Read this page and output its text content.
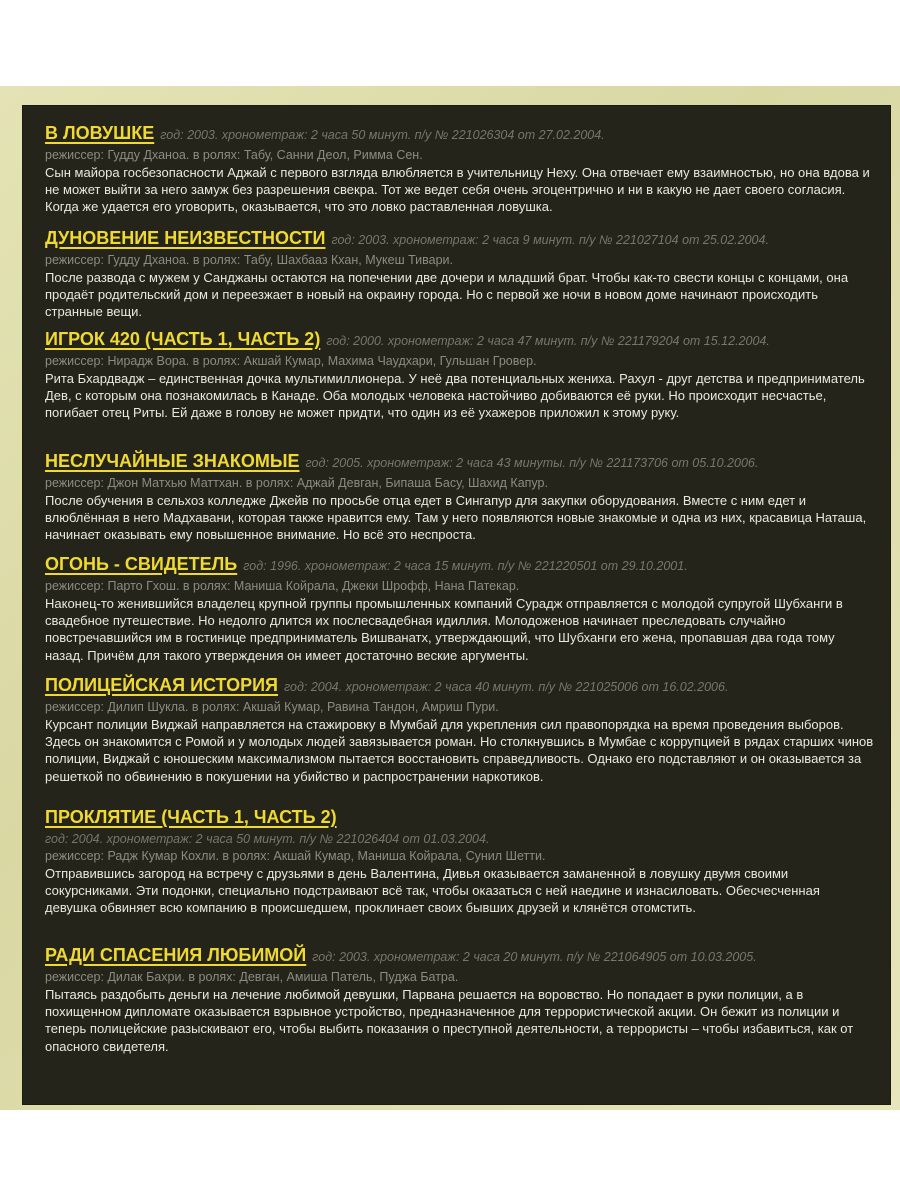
В ЛОВУШКЕ год: 2003. хронометраж: 2 часа 50 минут. п/у № 221026304 от 27.02.2004.

режиссер: Гудду Дханоа. в ролях: Табу, Санни Деол, Римма Сен.

Сын майора госбезопасности Аджай с первого взгляда влюбляется в учительницу Неху. Она отвечает ему взаимностью, но она вдова и не может выйти за него замуж без разрешения свекра. Тот же ведет себя очень эгоцентрично и ни в какую не дает своего согласия. Когда же удается его уговорить, оказывается, что это ловко раставленная ловушка.

ДУНОВЕНИЕ НЕИЗВЕСТНОСТИ год: 2003. хронометраж: 2 часа 9 минут. п/у № 221027104 от 25.02.2004.

режиссер: Гудду Дханоа. в ролях: Табу, Шахбааз Кхан, Мукеш Тивари.

После развода с мужем у Санджаны остаются на попечении две дочери и младший брат. Чтобы как-то свести концы с концами, она продаёт родительский дом и переезжает в новый на окраину города. Но с первой же ночи в новом доме начинают происходить странные вещи.

ИГРОК 420 (ЧАСТЬ 1, ЧАСТЬ 2) год: 2000. хронометраж: 2 часа 47 минут. п/у № 221179204 от 15.12.2004.

режиссер: Нирадж Вора. в ролях: Акшай Кумар, Махима Чаудхари, Гульшан Гровер.

Рита Бхардвадж – единственная дочка мультимиллионера. У неё два потенциальных жениха. Рахул - друг детства и предприниматель Дев, с которым она познакомилась в Канаде. Оба молодых человека настойчиво добиваются её руки. Но происходит несчастье, погибает отец Риты. Ей даже в голову не может придти, что один из её ухажеров приложил к этому руку.

НЕСЛУЧАЙНЫЕ ЗНАКОМЫЕ год: 2005. хронометраж: 2 часа 43 минуты. п/у № 221173706 от 05.10.2006.

режиссер: Джон Матхью Маттхан. в ролях: Аджай Девган, Бипаша Басу, Шахид Капур.

После обучения в сельхоз колледже Джейв по просьбе отца едет в Сингапур для закупки оборудования. Вместе с ним едет и влюблённая в него Мадхавани, которая также нравится ему. Там у него появляются новые знакомые и одна из них, красавица Наташа, начинает оказывать ему повышенное внимание. Но всё это неспроста.

ОГОНЬ - СВИДЕТЕЛЬ год: 1996. хронометраж: 2 часа 15 минут. п/у № 221220501 от 29.10.2001.

режиссер: Парто Гхош. в ролях: Маниша Койрала, Джеки Шрофф, Нана Патекар.

Наконец-то женившийся владелец крупной группы промышленных компаний Сурадж отправляется с молодой супругой Шубханги в свадебное путешествие. Но недолго длится их послесвадебная идиллия. Молодоженов начинает преследовать случайно повстречавшийся им в гостинице предприниматель Вишванатх, утверждающий, что Шубханги его жена, пропавшая два года тому назад. Причём для такого утверждения он имеет достаточно веские аргументы.

ПОЛИЦЕЙСКАЯ ИСТОРИЯ год: 2004. хронометраж: 2 часа 40 минут. п/у № 221025006 от 16.02.2006.

режиссер: Дилип Шукла. в ролях: Акшай Кумар, Равина Тандон, Амриш Пури.

Курсант полиции Виджай направляется на стажировку в Мумбай для укрепления сил правопорядка на время проведения выборов. Здесь он знакомится с Ромой и у молодых людей завязывается роман. Но столкнувшись в Мумбае с коррупцией в рядах старших чинов полиции, Виджай с юношеским максимализмом пытается восстановить справедливость. Однако его подставляют и он оказывается за решеткой по обвинению в покушении на убийство и распространении наркотиков.

ПРОКЛЯТИЕ (ЧАСТЬ 1, ЧАСТЬ 2)

год: 2004. хронометраж: 2 часа 50 минут. п/у № 221026404 от 01.03.2004.

режиссер: Радж Кумар Кохли. в ролях: Акшай Кумар, Маниша Койрала, Сунил Шетти.

Отправившись загород на встречу с друзьями в день Валентина, Дивья оказывается заманенной в ловушку двумя своими сокурсниками. Эти подонки, специально подстраивают всё так, чтобы оказаться с ней наедине и изнасиловать. Обесчесченная девушка обвиняет всю компанию в происшедшем, проклинает своих бывших друзей и клянётся отомстить.

РАДИ СПАСЕНИЯ ЛЮБИМОЙ год: 2003. хронометраж: 2 часа 20 минут. п/у № 221064905 от 10.03.2005.

режиссер: Дилак Бахри. в ролях: Девган, Амиша Патель, Пуджа Батра.

Пытаясь раздобыть деньги на лечение любимой девушки, Парвана решается на воровство. Но попадает в руки полиции, а в похищенном дипломате оказывается взрывное устройство, предназначенное для террористической акции. Он бежит из полиции и теперь полицейские разыскивают его, чтобы выбить показания о преступной деятельности, а террористы – чтобы избавиться, как от опасного свидетеля.
